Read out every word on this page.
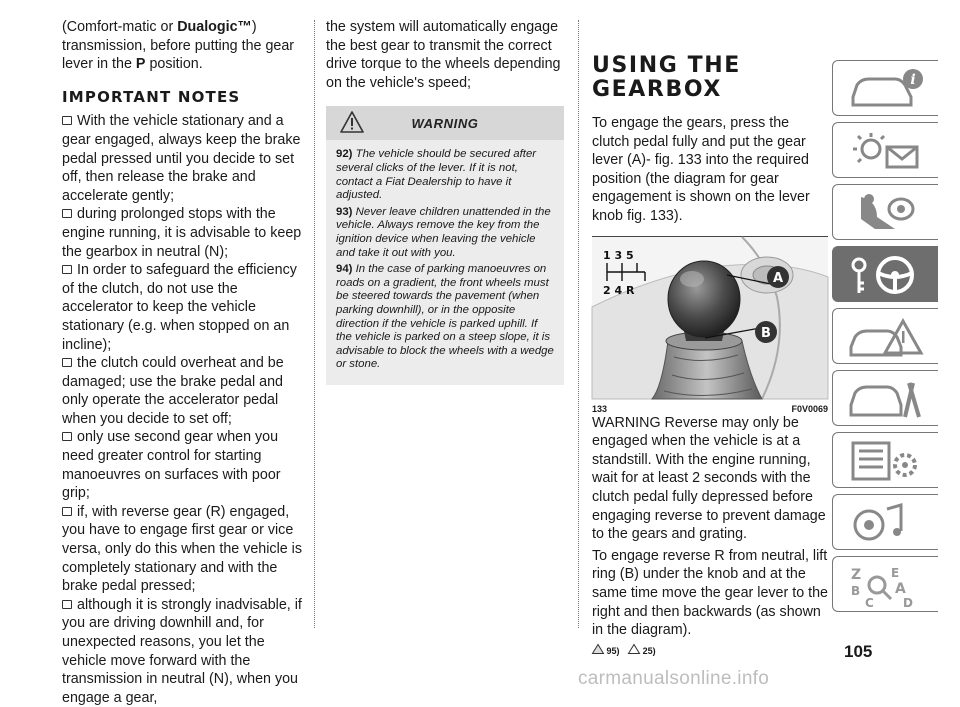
(Comfort-matic or Dualogic™) transmission, before putting the gear lever in the P position.

IMPORTANT NOTES

With the vehicle stationary and a gear engaged, always keep the brake pedal pressed until you decide to set off, then release the brake and accelerate gently;

during prolonged stops with the engine running, it is advisable to keep the gearbox in neutral (N);

In order to safeguard the efficiency of the clutch, do not use the accelerator to keep the vehicle stationary (e.g. when stopped on an incline);

the clutch could overheat and be damaged; use the brake pedal and only operate the accelerator pedal when you decide to set off;

only use second gear when you need greater control for starting manoeuvres on surfaces with poor grip;

if, with reverse gear (R) engaged, you have to engage first gear or vice versa, only do this when the vehicle is completely stationary and with the brake pedal pressed;

although it is strongly inadvisable, if you are driving downhill and, for unexpected reasons, you let the vehicle move forward with the transmission in neutral (N), when you engage a gear,

the system will automatically engage the best gear to transmit the correct drive torque to the wheels depending on the vehicle's speed;

WARNING

92) The vehicle should be secured after several clicks of the lever. If it is not, contact a Fiat Dealership to have it adjusted.

93) Never leave children unattended in the vehicle. Always remove the key from the ignition device when leaving the vehicle and take it out with you.

94) In the case of parking manoeuvres on roads on a gradient, the front wheels must be steered towards the pavement (when parking downhill), or in the opposite direction if the vehicle is parked uphill. If the vehicle is parked on a steep slope, it is advisable to block the wheels with a wedge or stone.

USING THE
GEARBOX

To engage the gears, press the clutch pedal fully and put the gear lever (A)- fig. 133 into the required position (the diagram for gear engagement is shown on the lever knob fig. 133).

A
B
1 3 5
2 4 R
133	F0V0069

WARNING Reverse may only be engaged when the vehicle is at a standstill. With the engine running, wait for at least 2 seconds with the clutch pedal fully depressed before engaging reverse to prevent damage to the gears and grating.

To engage reverse R from neutral, lift ring (B) under the knob and at the same time move the gear lever to the right and then backwards (as shown in the diagram).

95)	25)
i
Z E
B A
C D
105
carmanualsonline.info
